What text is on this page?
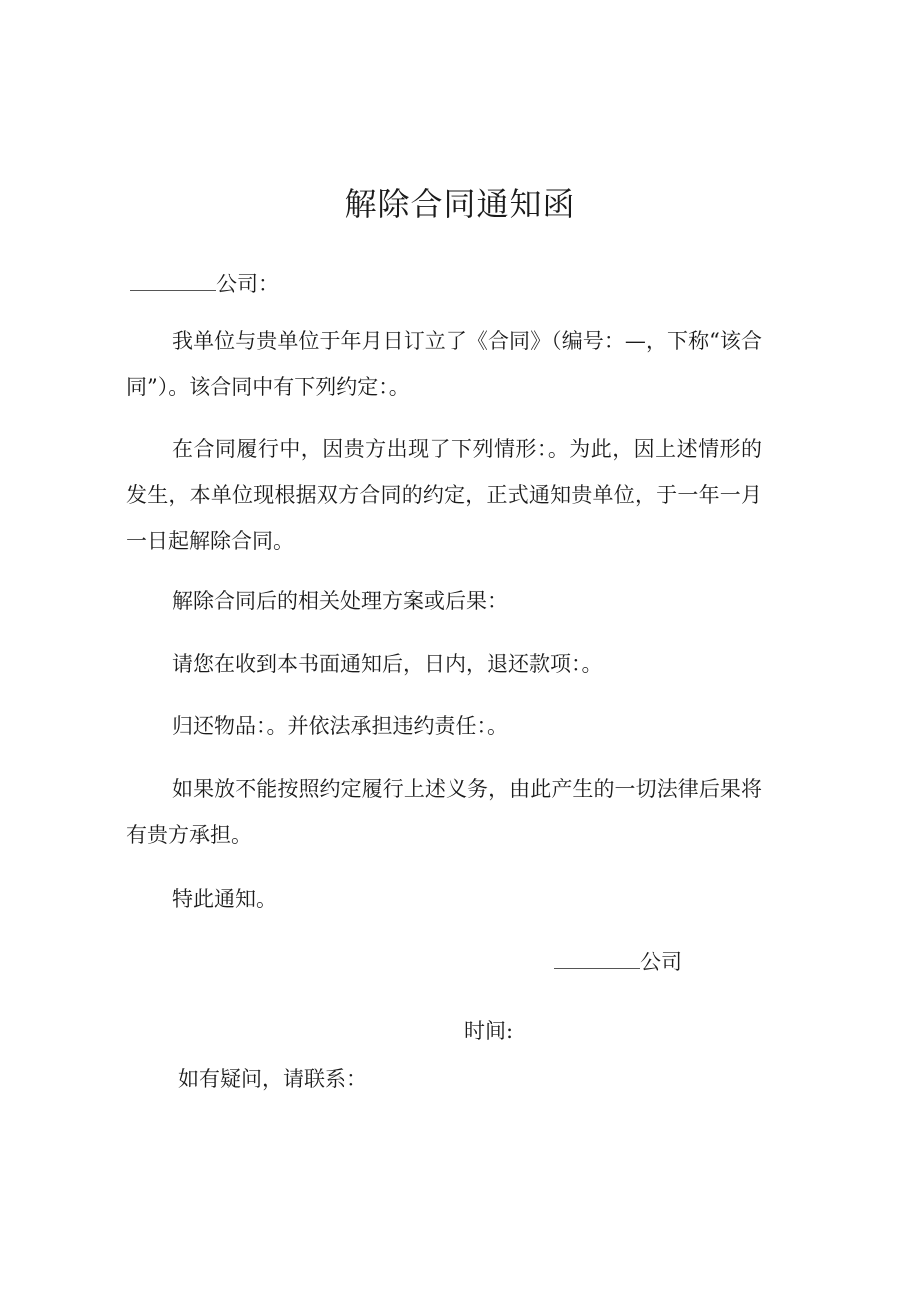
解除合同通知函
公司：
我单位与贵单位于年月日订立了《合同》（编号：—，下称“该合同”）。该合同中有下列约定：。
在合同履行中，因贵方出现了下列情形：。为此，因上述情形的发生，本单位现根据双方合同的约定，正式通知贵单位，于一年一月一日起解除合同。
解除合同后的相关处理方案或后果：
请您在收到本书面通知后，日内，退还款项：。
归还物品：。并依法承担违约责任：。
如果放不能按照约定履行上述义务，由此产生的一切法律后果将有贵方承担。
特此通知。
公司
时间:
如有疑问，请联系：
